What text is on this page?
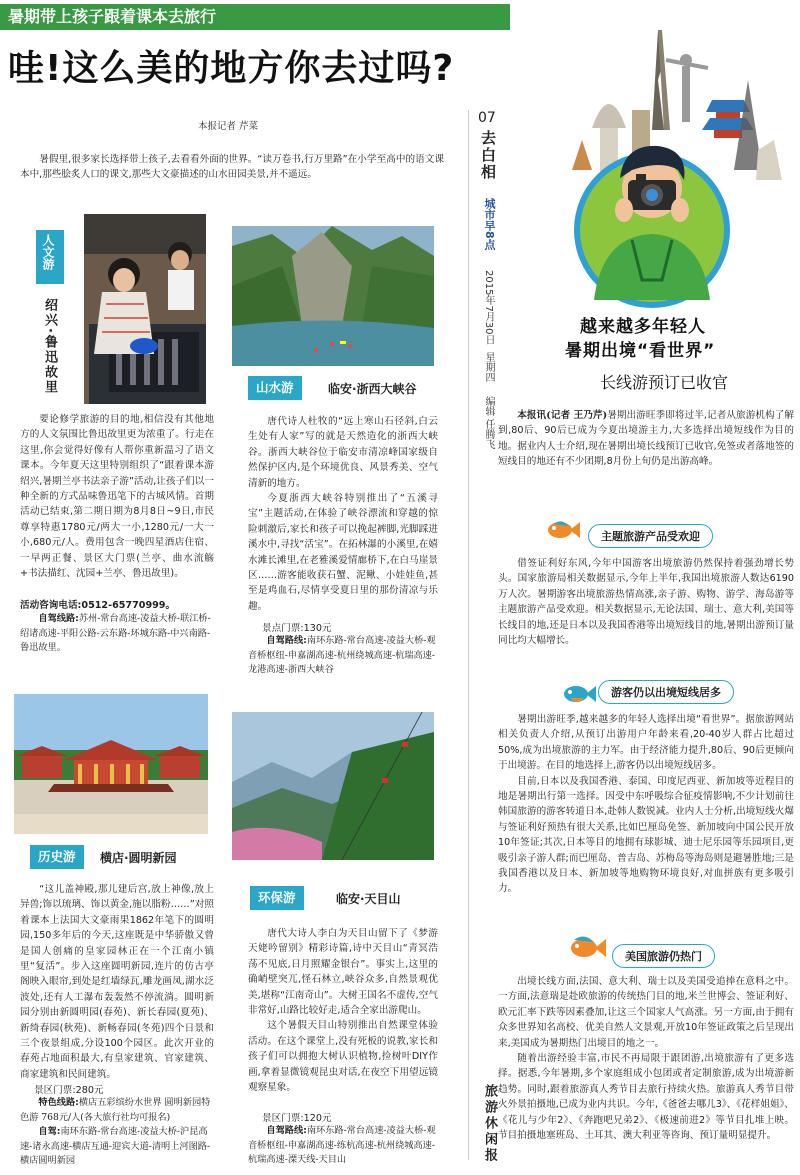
暑期带上孩子跟着课本去旅行
哇!这么美的地方你去过吗?
本报记者 芹菜
暑假里,很多家长选择带上孩子,去看看外面的世界。“读万卷书,行万里路”在小学至高中的语文课本中,那些脍炙人口的课文,那些大文豪描述的山水田园美景,并不遥远。
人文游
绍兴·鲁迅故里
要论修学旅游的目的地,相信没有其他地方的人文氛围比鲁迅故里更为浓重了。行走在这里,你会觉得好像有人帮你重新温习了语文课本。今年夏天这里特别组织了“跟着课本游绍兴,暑期兰亭书法亲子游”活动,让孩子们以一种全新的方式品味鲁迅笔下的古城风情。首期活动已结束,第二期日期为8月8日~9日,市民尊享特惠1780元/两大一小,1280元/一大一小,680元/人。费用包含一晚四星酒店住宿、一早两正餐、景区大门票(兰亭、曲水流觞+书法描红、沈园+兰亭、鲁迅故里)。
活动咨询电话:0512-65770999。
自驾线路:苏州-常台高速-凌益大桥-联江桥-绍诸高速-平阳公路-云东路-环城东路-中兴南路-鲁迅故里。
山水游	临安·浙西大峡谷

唐代诗人杜牧的“远上寒山石径斜,白云生处有人家”写的就是天然造化的浙西大峡谷。浙西大峡谷位于临安市清凉峰国家级自然保护区内,是个环境优良、风景秀美、空气清新的地方。

今夏浙西大峡谷特别推出了“五溪寻宝”主题活动,在体验了峡谷漂流和穿越的惊险刺激后,家长和孩子可以挽起裤脚,光脚踩进溪水中,寻找“活宝”。在拓林瀑的小溪里,在嬉水滩长滩里,在老雅溪爱情廊桥下,在白马崖景区……游客能收获石蟹、泥鳅、小娃娃鱼,甚至是鸡血石,尽情享受夏日里的那份清凉与乐趣。

景点门票:130元
自驾路线:南环东路-常台高速-凌益大桥-观音桥枢纽-申嘉湖高速-杭州绕城高速-杭瑞高速-龙港高速-浙西大峡谷
历史游	横店·圆明新园
“这儿盖神殿,那儿建后宫,放上神像,放上异兽;饰以琉璃、饰以黄金,施以脂粉……”对照着课本上法国大文豪雨果1862年笔下的圆明园,150多年后的今天,这座既是中华骄傲又曾是国人创痛的皇家园林正在一个江南小镇里“复活”。步入这座圆明新园,连片的仿古亭阁映入眼帘,到处是红墙绿瓦,雕龙画凤,湖水泛波处,还有人工瀑布轰轰然不停流淌。圆明新园分别由新圆明园(春苑)、新长春园(夏苑)、新绮春园(秋苑)、新畅春园(冬苑)四个日景和三个夜景组成,分设100个园区。此次开业的春苑占地面积最大,有皇家建筑、官家建筑、商家建筑和民间建筑。
景区门票:280元
特色线路:横店五彩缤纷水世界 圆明新园特色游 768元/人(各大旅行社均可报名)
自驾:南环东路-常台高速-凌益大桥-沪昆高速-诸永高速-横店互通-迎宾大道-清明上河图路-横店圆明新园
环保游	临安·天目山

唐代大诗人李白为天目山留下了《梦游天姥吟留别》精彩诗篇,诗中天目山“青冥浩荡不见底,日月照耀金银台”。事实上,这里的确峭壁突兀,怪石林立,峡谷众多,自然景观优美,堪称“江南奇山”。大树王国名不虚传,空气非常好,山路比较好走,适合全家出游爬山。

这个暑假天目山特别推出自然课堂体验活动。在这个课堂上,没有死板的说教,家长和孩子们可以拥抱大树认识植物,捡树叶DIY作画,拿着显微镜观昆虫对话,在夜空下用望远镜观察星象。

景区门票:120元
自驾路线:南环东路-常台高速-凌益大桥-观音桥枢纽-申嘉湖高速-练杭高速-杭州绕城高速-杭瑞高速-溧天线-天目山
07
去白相
城市早8点
2015年7月30日
星期四
编辑 任腾飞
旅游休闲报
越来越多年轻人
暑期出境“看世界”
长线游预订已收官
本报讯(记者 王乃芹)暑期出游旺季即将过半,记者从旅游机构了解到,80后、90后已成为今夏出境游主力,大多选择出境短线作为目的地。据业内人士介绍,现在暑期出境长线预订已收官,免签或者落地签的短线目的地还有不少团期,8月份上旬仍是出游高峰。
主题旅游产品受欢迎
借签证利好东风,今年中国游客出境旅游仍然保持着强劲增长势头。国家旅游局相关数据显示,今年上半年,我国出境旅游人数达6190万人次。暑期游客出境旅游热情高涨,亲子游、购物、游学、海岛游等主题旅游产品受欢迎。相关数据显示,无论法国、瑞士、意大利,美国等长线目的地,还是日本以及我国香港等出境短线目的地,暑期出游预订量同比均大幅增长。
游客仍以出境短线居多

暑期出游旺季,越来越多的年轻人选择出境“看世界”。据旅游网站相关负责人介绍,从预订出游用户年龄来看,20-40岁人群占比超过50%,成为出境旅游的主力军。由于经济能力提升,80后、90后更倾向于出境游。在目的地选择上,游客仍以出境短线居多。

目前,日本以及我国香港、泰国、印度尼西亚、新加坡等近程目的地是暑期出行第一选择。因受中东呼吸综合征疫情影响,不少计划前往韩国旅游的游客转道日本,赴韩人数锐减。业内人士分析,出境短线火爆与签证利好预热有很大关系,比如巴厘岛免签、新加坡向中国公民开放10年签证;其次,日本等目的地拥有球影城、迪士尼乐园等乐园项目,更吸引亲子游人群;而巴厘岛、普吉岛、苏梅岛等海岛则是避暑胜地;三是我国香港以及日本、新加坡等地购物环境良好,对血拼族有更多吸引力。

美国旅游仍热门

出境长线方面,法国、意大利、瑞士以及美国受追捧在意料之中。一方面,法意瑞是赴欧旅游的传统热门目的地,米兰世博会、签证利好、欧元汇率下跌等因素叠加,让这三个国家人气高涨。另一方面,由于拥有众多世界知名高校、优美自然人文景观,开放10年签证政策之后呈现出来,美国成为暑期热门出境目的地之一。

随着出游经验丰富,市民不再局限于跟团游,出境旅游有了更多选择。据悉,今年暑期,多个家庭组成小包团或者定制旅游,成为出境游新趋势。同时,跟着旅游真人秀节目去旅行持续火热。旅游真人秀节目带火外景拍摄地,已成为业内共识。今年,《爸爸去哪儿3》、《花样姐姐》、《花儿与少年2》、《奔跑吧兄弟2》、《极速前进2》等节目扎堆上映。节目拍摄地塞班岛、土耳其、澳大利亚等咨询、预订量明显提升。
